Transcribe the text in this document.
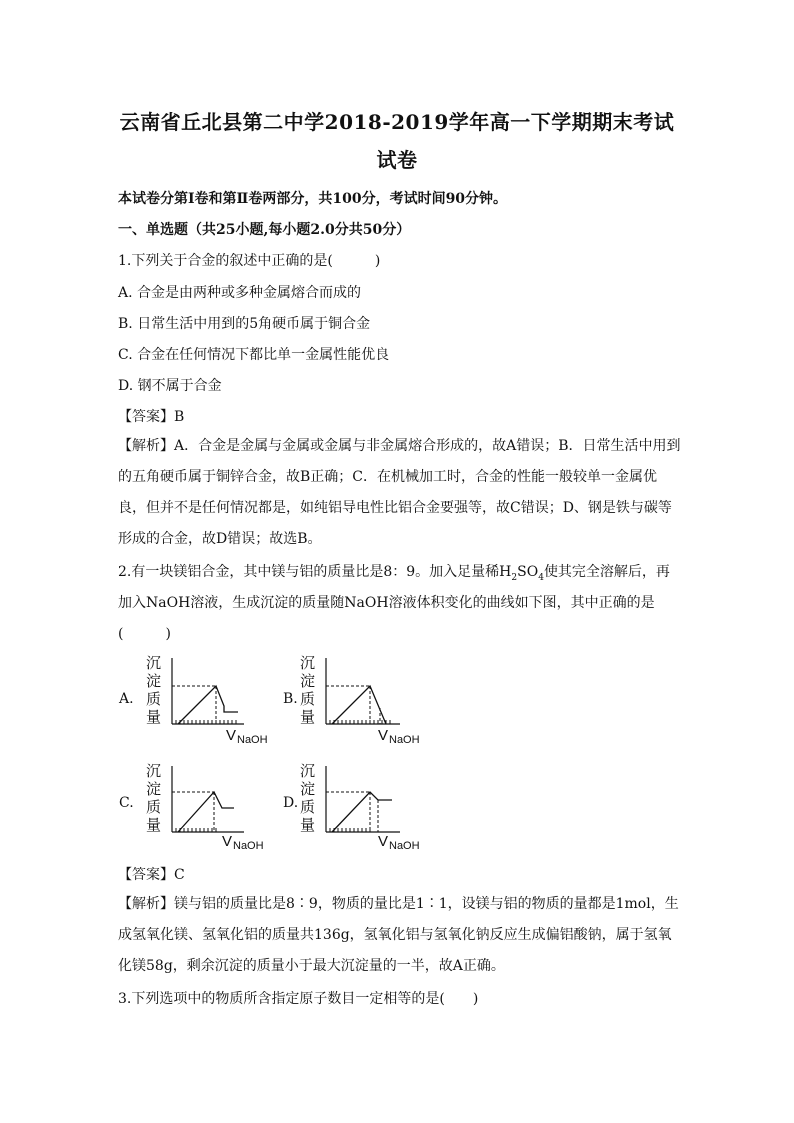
云南省丘北县第二中学2018-2019学年高一下学期期末考试
试卷
本试卷分第Ⅰ卷和第Ⅱ卷两部分，共100分，考试时间90分钟。
一、单选题（共25小题,每小题2.0分共50分）
1.下列关于合金的叙述中正确的是(　　　)
A. 合金是由两种或多种金属熔合而成的
B. 日常生活中用到的5角硬币属于铜合金
C. 合金在任何情况下都比单一金属性能优良
D. 钢不属于合金
【答案】B
【解析】A．合金是金属与金属或金属与非金属熔合形成的，故A错误；B．日常生活中用到的五角硬币属于铜锌合金，故B正确；C．在机械加工时，合金的性能一般较单一金属优良，但并不是任何情况都是，如纯铝导电性比铝合金要强等，故C错误；D、钢是铁与碳等形成的合金，故D错误；故选B。
2.有一块镁铝合金，其中镁与铝的质量比是8：9。加入足量稀$H_2SO_4$使其完全溶解后，再
加入NaOH溶液，生成沉淀的质量随NaOH溶液体积变化的曲线如下图，其中正确的是
(　　　)
A.	B.
C.	D.
沉
淀
质
量
V NaOH
沉
淀
质
量
V NaOH
沉
淀
质
量
V NaOH
沉
淀
质
量
V NaOH
【答案】C
【解析】镁与铝的质量比是8∶9，物质的量比是1∶1，设镁与铝的物质的量都是1mol，生成氢氧化镁、氢氧化铝的质量共136g，氢氧化铝与氢氧化钠反应生成偏铝酸钠，属于氢氧化镁58g，剩余沉淀的质量小于最大沉淀量的一半，故A正确。
3.下列选项中的物质所含指定原子数目一定相等的是(　　)
